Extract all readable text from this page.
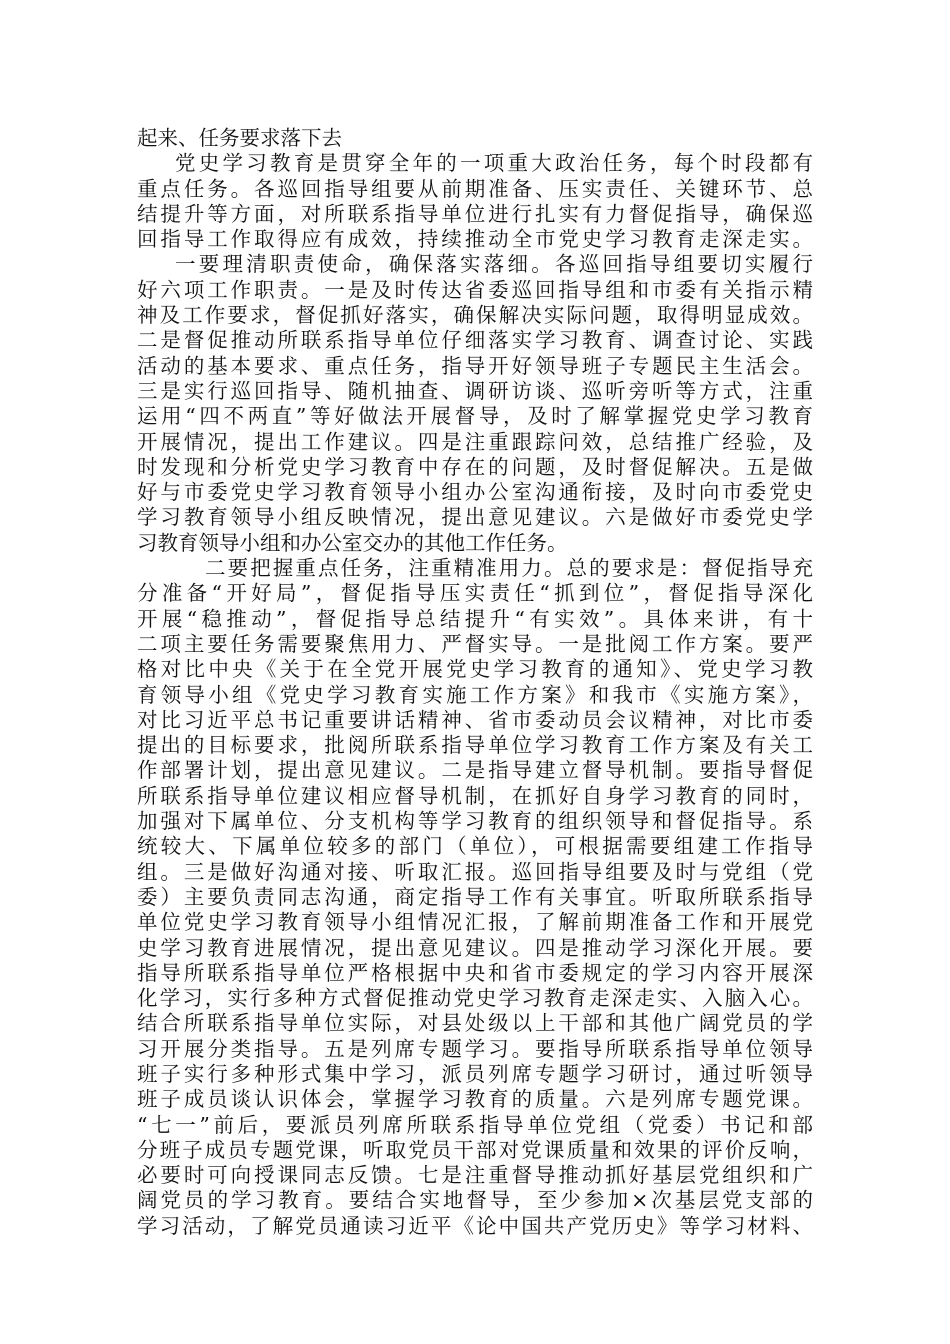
起来、任务要求落下去
党史学习教育是贯穿全年的一项重大政治任务，每个时段都有
重点任务。各巡回指导组要从前期准备、压实责任、关键环节、总
结提升等方面，对所联系指导单位进行扎实有力督促指导，确保巡
回指导工作取得应有成效，持续推动全市党史学习教育走深走实。
一要理清职责使命，确保落实落细。各巡回指导组要切实履行
好六项工作职责。一是及时传达省委巡回指导组和市委有关指示精
神及工作要求，督促抓好落实，确保解决实际问题，取得明显成效。
二是督促推动所联系指导单位仔细落实学习教育、调查讨论、实践
活动的基本要求、重点任务，指导开好领导班子专题民主生活会。
三是实行巡回指导、随机抽查、调研访谈、巡听旁听等方式，注重
运用“四不两直”等好做法开展督导，及时了解掌握党史学习教育
开展情况，提出工作建议。四是注重跟踪问效，总结推广经验，及
时发现和分析党史学习教育中存在的问题，及时督促解决。五是做
好与市委党史学习教育领导小组办公室沟通衔接，及时向市委党史
学习教育领导小组反映情况，提出意见建议。六是做好市委党史学
习教育领导小组和办公室交办的其他工作任务。
二要把握重点任务，注重精准用力。总的要求是：督促指导充
分准备“开好局”，督促指导压实责任“抓到位”，督促指导深化
开展“稳推动”，督促指导总结提升“有实效”。具体来讲，有十
二项主要任务需要聚焦用力、严督实导。一是批阅工作方案。要严
格对比中央《关于在全党开展党史学习教育的通知》、党史学习教
育领导小组《党史学习教育实施工作方案》和我市《实施方案》，
对比习近平总书记重要讲话精神、省市委动员会议精神，对比市委
提出的目标要求，批阅所联系指导单位学习教育工作方案及有关工
作部署计划，提出意见建议。二是指导建立督导机制。要指导督促
所联系指导单位建议相应督导机制，在抓好自身学习教育的同时，
加强对下属单位、分支机构等学习教育的组织领导和督促指导。系
统较大、下属单位较多的部门（单位），可根据需要组建工作指导
组。三是做好沟通对接、听取汇报。巡回指导组要及时与党组（党
委）主要负责同志沟通，商定指导工作有关事宜。听取所联系指导
单位党史学习教育领导小组情况汇报，了解前期准备工作和开展党
史学习教育进展情况，提出意见建议。四是推动学习深化开展。要
指导所联系指导单位严格根据中央和省市委规定的学习内容开展深
化学习，实行多种方式督促推动党史学习教育走深走实、入脑入心。
结合所联系指导单位实际，对县处级以上干部和其他广阔党员的学
习开展分类指导。五是列席专题学习。要指导所联系指导单位领导
班子实行多种形式集中学习，派员列席专题学习研讨，通过听领导
班子成员谈认识体会，掌握学习教育的质量。六是列席专题党课。
“七一”前后，要派员列席所联系指导单位党组（党委）书记和部
分班子成员专题党课，听取党员干部对党课质量和效果的评价反响，
必要时可向授课同志反馈。七是注重督导推动抓好基层党组织和广
阔党员的学习教育。要结合实地督导，至少参加×次基层党支部的
学习活动，了解党员通读习近平《论中国共产党历史》等学习材料、
